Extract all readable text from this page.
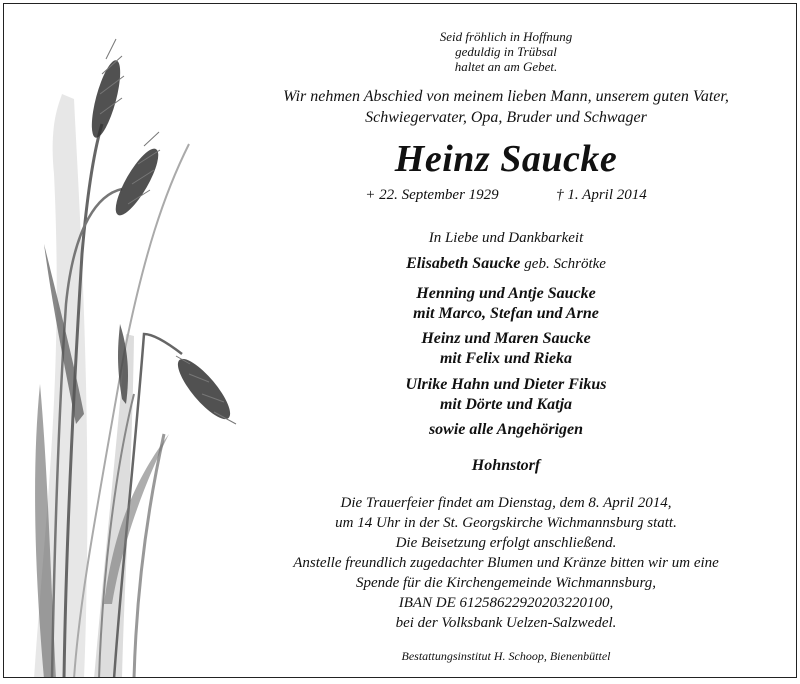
Seid fröhlich in Hoffnung
geduldig in Trübsal
haltet an am Gebet.
Wir nehmen Abschied von meinem lieben Mann, unserem guten Vater,
Schwiegervater, Opa, Bruder und Schwager
Heinz Saucke
+ 22. September 1929	† 1. April 2014
In Liebe und Dankbarkeit
Elisabeth Saucke geb. Schrötke
Henning und Antje Saucke
mit Marco, Stefan und Arne
Heinz und Maren Saucke
mit Felix und Rieka
Ulrike Hahn und Dieter Fikus
mit Dörte und Katja
sowie alle Angehörigen
Hohnstorf
Die Trauerfeier findet am Dienstag, dem 8. April 2014,
um 14 Uhr in der St. Georgskirche Wichmannsburg statt.
Die Beisetzung erfolgt anschließend.
Anstelle freundlich zugedachter Blumen und Kränze bitten wir um eine
Spende für die Kirchengemeinde Wichmannsburg,
IBAN DE 61258622920203220100,
bei der Volksbank Uelzen-Salzwedel.
Bestattungsinstitut H. Schoop, Bienenbüttel
